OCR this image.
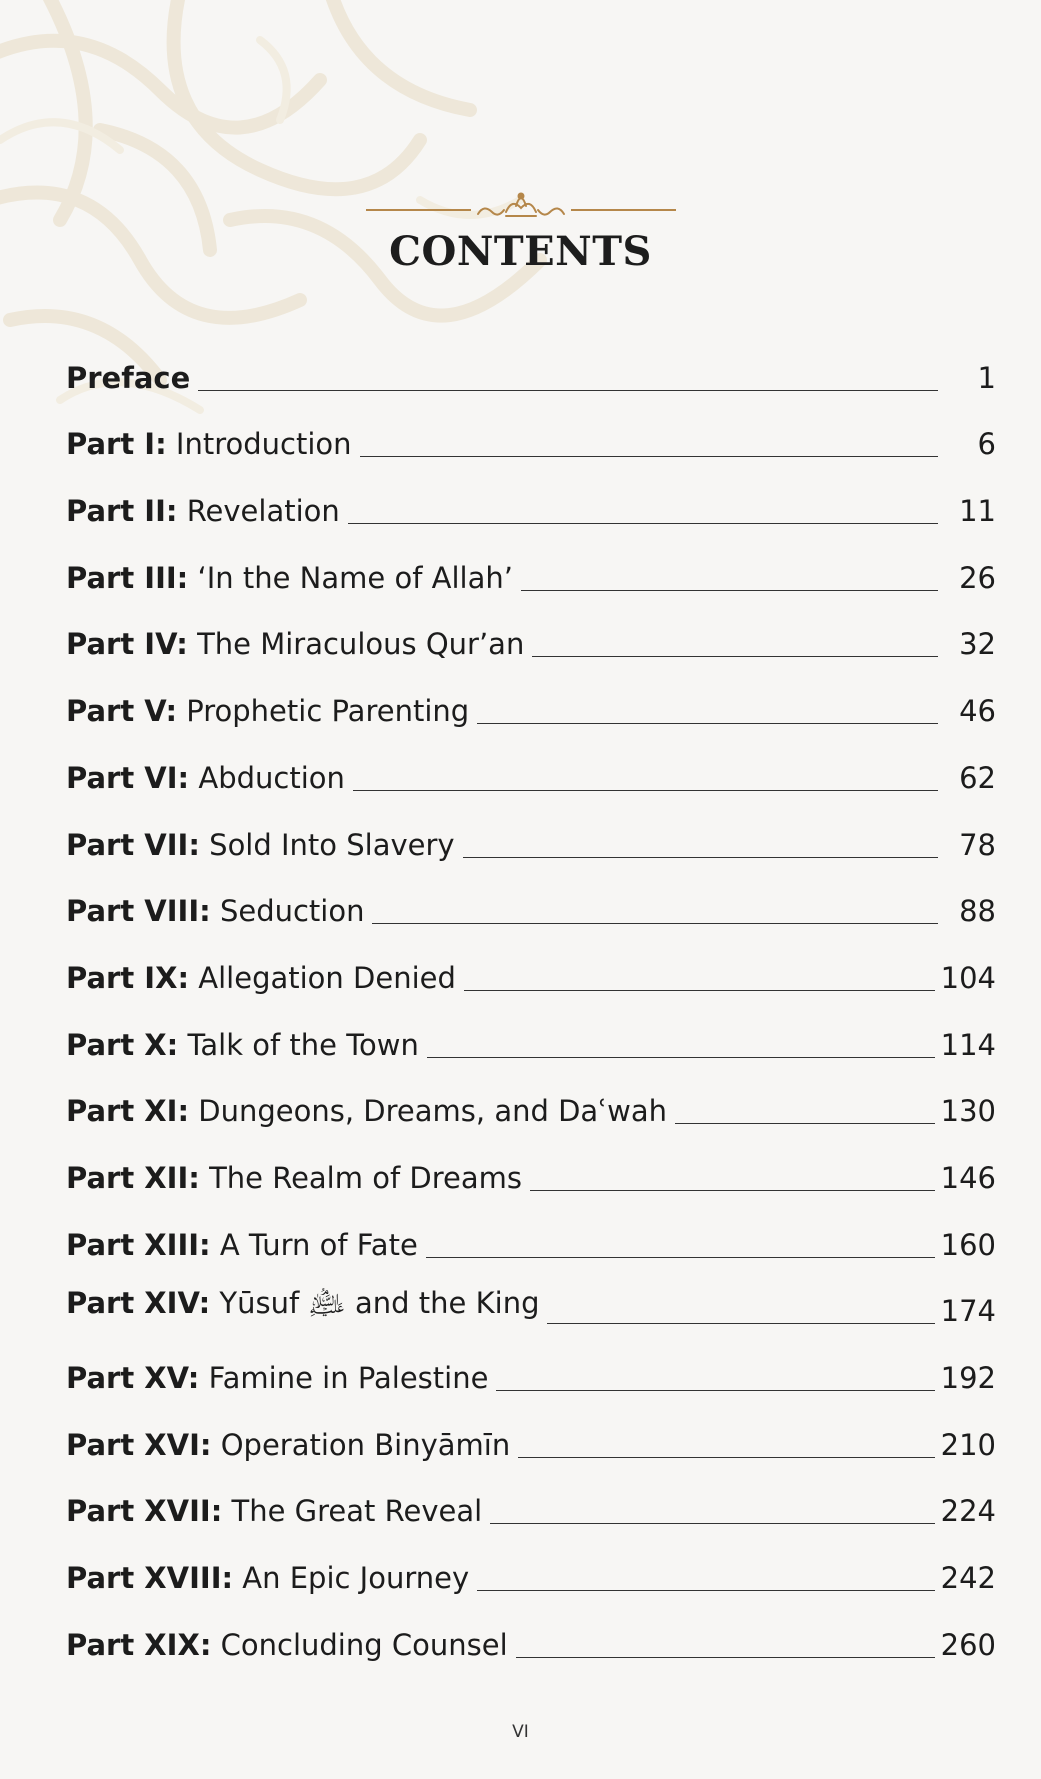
CONTENTS
Preface	1
Part I: Introduction	6
Part II: Revelation	11
Part III: ‘In the Name of Allah’	26
Part IV: The Miraculous Qur’an	32
Part V: Prophetic Parenting	46
Part VI: Abduction	62
Part VII: Sold Into Slavery	78
Part VIII: Seduction	88
Part IX: Allegation Denied	104
Part X: Talk of the Town	114
Part XI: Dungeons, Dreams, and Daʿwah	130
Part XII: The Realm of Dreams	146
Part XIII: A Turn of Fate	160
Part XIV: Yūsuf ﵇ and the King	174
Part XV: Famine in Palestine	192
Part XVI: Operation Binyāmīn	210
Part XVII: The Great Reveal	224
Part XVIII: An Epic Journey	242
Part XIX: Concluding Counsel	260
VI
